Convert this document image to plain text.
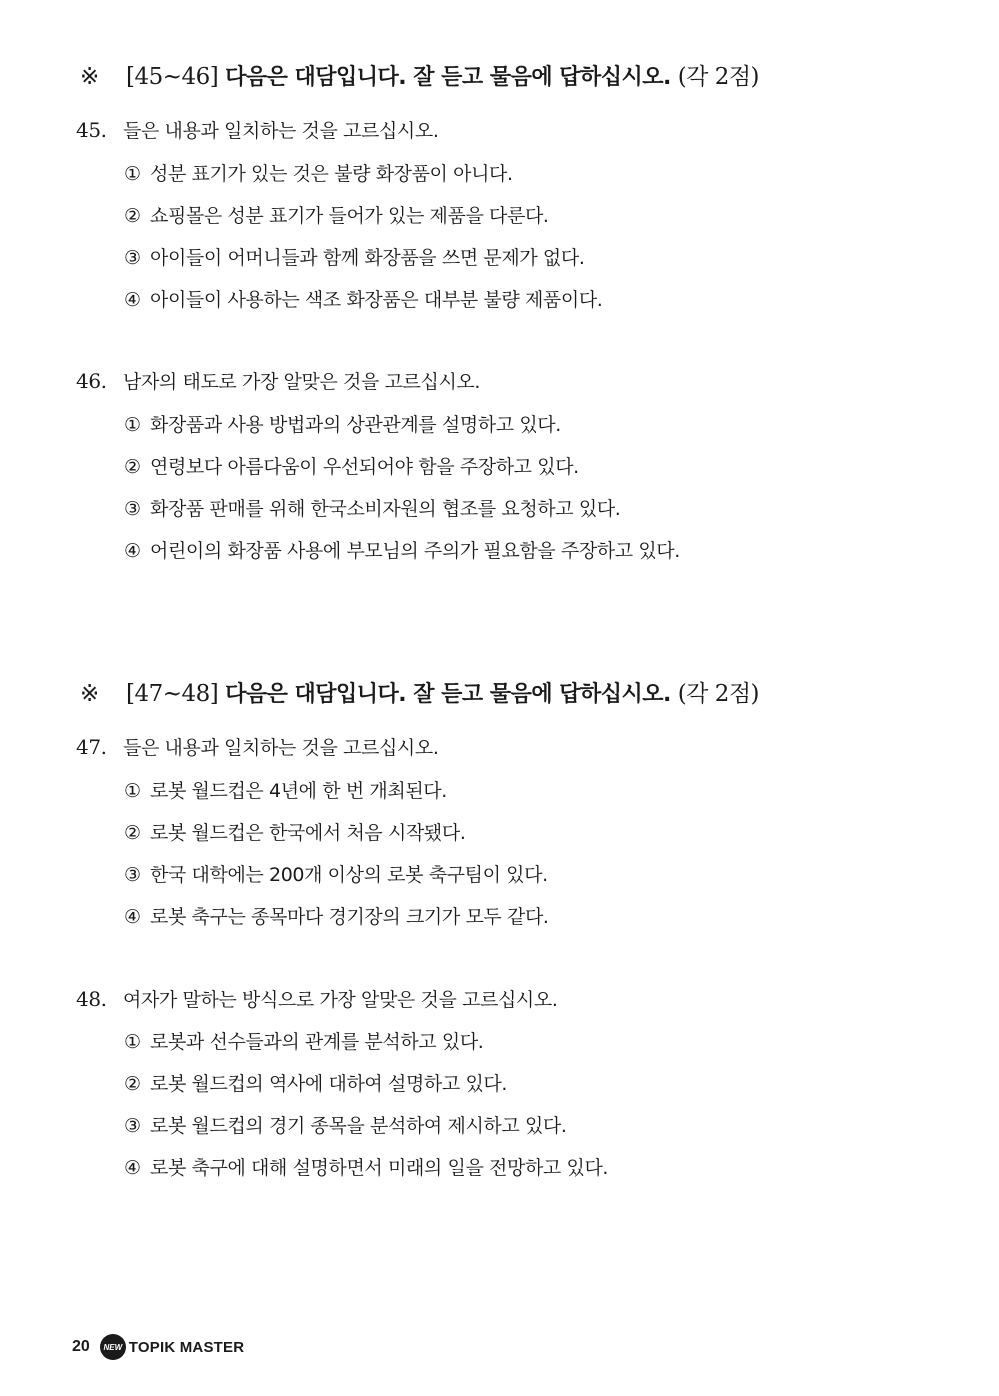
※ [45~46] 다음은 대담입니다. 잘 듣고 물음에 답하십시오. (각 2점)
45. 들은 내용과 일치하는 것을 고르십시오.
① 성분 표기가 있는 것은 불량 화장품이 아니다.
② 쇼핑몰은 성분 표기가 들어가 있는 제품을 다룬다.
③ 아이들이 어머니들과 함께 화장품을 쓰면 문제가 없다.
④ 아이들이 사용하는 색조 화장품은 대부분 불량 제품이다.
46. 남자의 태도로 가장 알맞은 것을 고르십시오.
① 화장품과 사용 방법과의 상관관계를 설명하고 있다.
② 연령보다 아름다움이 우선되어야 함을 주장하고 있다.
③ 화장품 판매를 위해 한국소비자원의 협조를 요청하고 있다.
④ 어린이의 화장품 사용에 부모님의 주의가 필요함을 주장하고 있다.
※ [47~48] 다음은 대담입니다. 잘 듣고 물음에 답하십시오. (각 2점)
47. 들은 내용과 일치하는 것을 고르십시오.
① 로봇 월드컵은 4년에 한 번 개최된다.
② 로봇 월드컵은 한국에서 처음 시작됐다.
③ 한국 대학에는 200개 이상의 로봇 축구팀이 있다.
④ 로봇 축구는 종목마다 경기장의 크기가 모두 같다.
48. 여자가 말하는 방식으로 가장 알맞은 것을 고르십시오.
① 로봇과 선수들과의 관계를 분석하고 있다.
② 로봇 월드컵의 역사에 대하여 설명하고 있다.
③ 로봇 월드컵의 경기 종목을 분석하여 제시하고 있다.
④ 로봇 축구에 대해 설명하면서 미래의 일을 전망하고 있다.
20	NEW TOPIK MASTER
